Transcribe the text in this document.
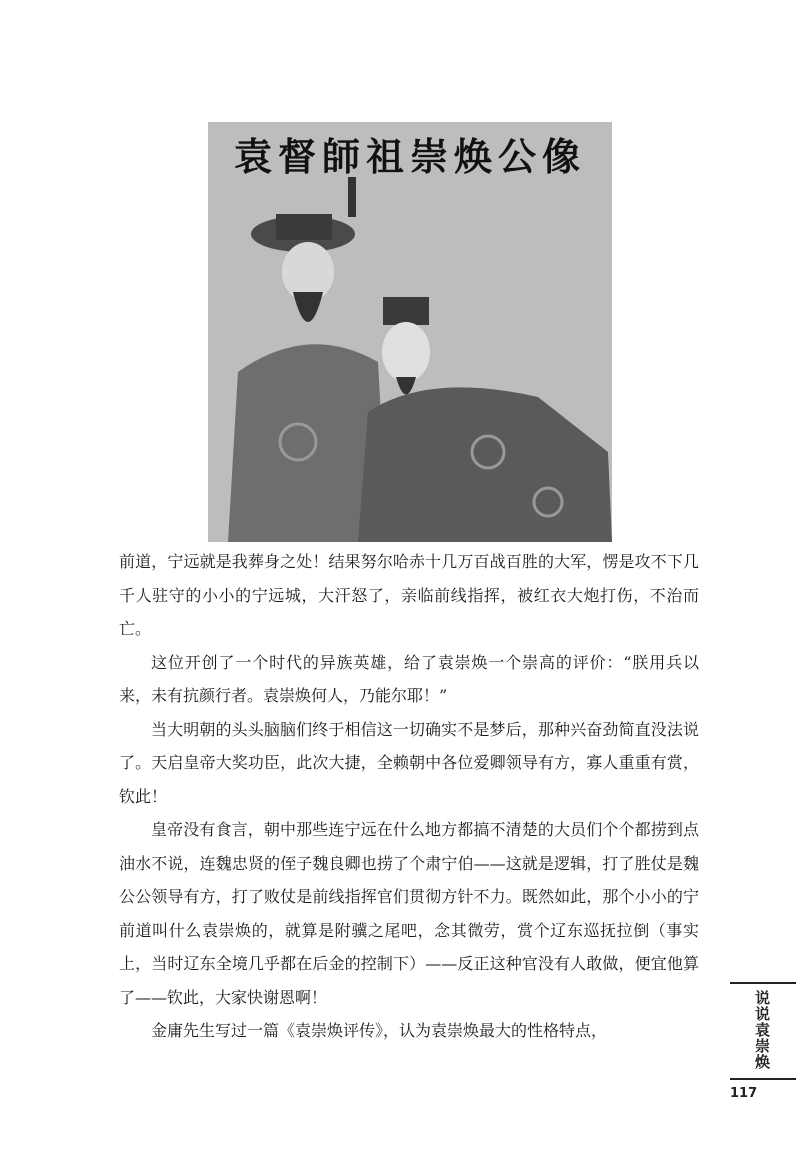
袁督師祖崇焕公像

前道，宁远就是我葬身之处！结果努尔哈赤十几万百战百胜的大军，愣是攻不下几千人驻守的小小的宁远城，大汗怒了，亲临前线指挥，被红衣大炮打伤，不治而亡。

这位开创了一个时代的异族英雄，给了袁崇焕一个崇高的评价：“朕用兵以来，未有抗颜行者。袁崇焕何人，乃能尔耶！”

当大明朝的头头脑脑们终于相信这一切确实不是梦后，那种兴奋劲简直没法说了。天启皇帝大奖功臣，此次大捷，全赖朝中各位爱卿领导有方，寡人重重有赏，钦此！

皇帝没有食言，朝中那些连宁远在什么地方都搞不清楚的大员们个个都捞到点油水不说，连魏忠贤的侄子魏良卿也捞了个肃宁伯——这就是逻辑，打了胜仗是魏公公领导有方，打了败仗是前线指挥官们贯彻方针不力。既然如此，那个小小的宁前道叫什么袁崇焕的，就算是附骥之尾吧，念其微劳，赏个辽东巡抚拉倒（事实上，当时辽东全境几乎都在后金的控制下）——反正这种官没有人敢做，便宜他算了——钦此，大家快谢恩啊！

金庸先生写过一篇《袁崇焕评传》，认为袁崇焕最大的性格特点，	说说袁崇焕
117
